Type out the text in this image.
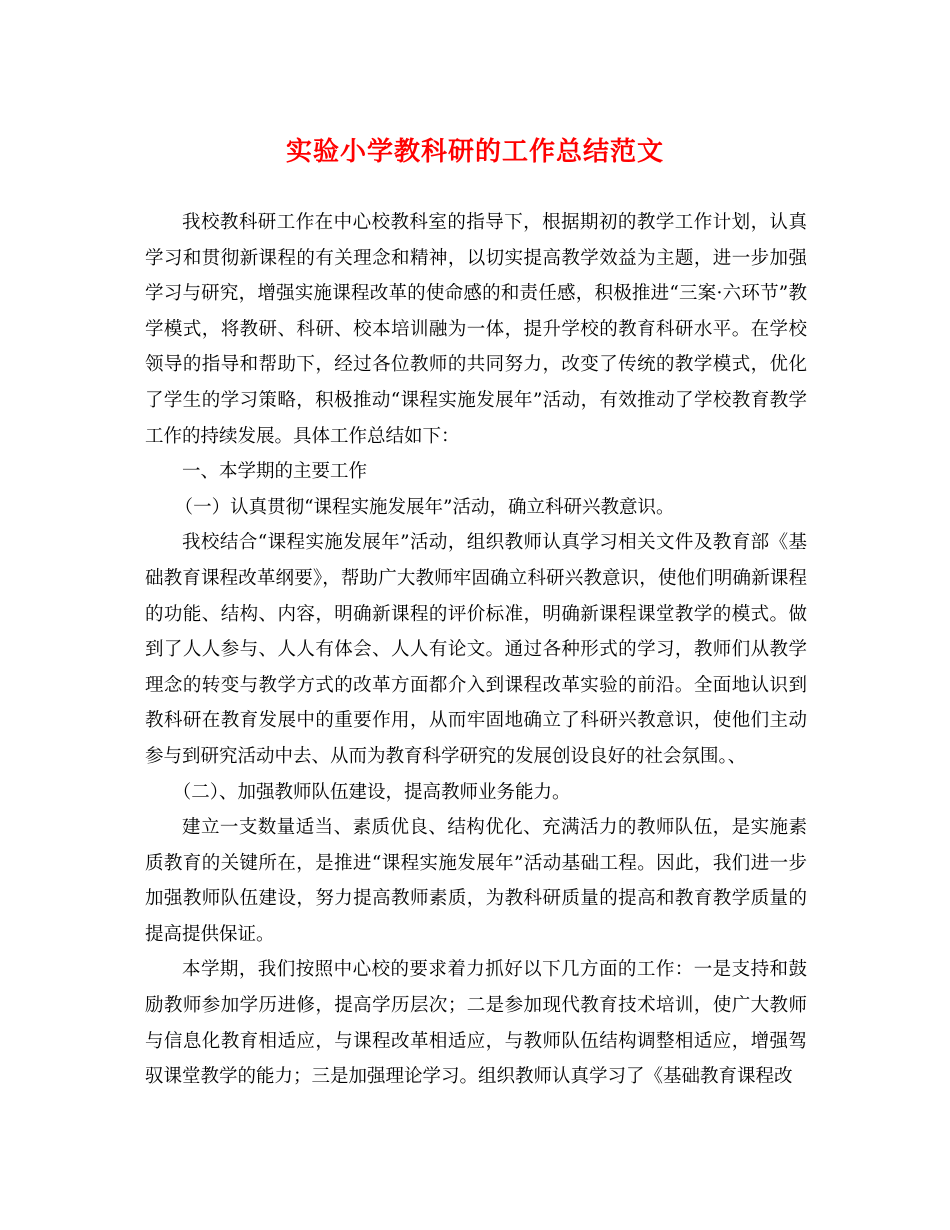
实验小学教科研的工作总结范文

我校教科研工作在中心校教科室的指导下，根据期初的教学工作计划，认真学习和贯彻新课程的有关理念和精神，以切实提高教学效益为主题，进一步加强学习与研究，增强实施课程改革的使命感的和责任感，积极推进“三案·六环节”教学模式，将教研、科研、校本培训融为一体，提升学校的教育科研水平。在学校领导的指导和帮助下，经过各位教师的共同努力，改变了传统的教学模式，优化了学生的学习策略，积极推动“课程实施发展年”活动，有效推动了学校教育教学工作的持续发展。具体工作总结如下：

一、本学期的主要工作

（一）认真贯彻“课程实施发展年”活动，确立科研兴教意识。

我校结合“课程实施发展年”活动，组织教师认真学习相关文件及教育部《基础教育课程改革纲要》，帮助广大教师牢固确立科研兴教意识，使他们明确新课程的功能、结构、内容，明确新课程的评价标准，明确新课程课堂教学的模式。做到了人人参与、人人有体会、人人有论文。通过各种形式的学习，教师们从教学理念的转变与教学方式的改革方面都介入到课程改革实验的前沿。全面地认识到教科研在教育发展中的重要作用，从而牢固地确立了科研兴教意识，使他们主动参与到研究活动中去、从而为教育科学研究的发展创设良好的社会氛围。、

（二）、加强教师队伍建设，提高教师业务能力。

建立一支数量适当、素质优良、结构优化、充满活力的教师队伍，是实施素质教育的关键所在，是推进“课程实施发展年”活动基础工程。因此，我们进一步加强教师队伍建设，努力提高教师素质，为教科研质量的提高和教育教学质量的提高提供保证。

本学期，我们按照中心校的要求着力抓好以下几方面的工作：一是支持和鼓励教师参加学历进修，提高学历层次；二是参加现代教育技术培训，使广大教师与信息化教育相适应，与课程改革相适应，与教师队伍结构调整相适应，增强驾驭课堂教学的能力；三是加强理论学习。组织教师认真学习了《基础教育课程改
